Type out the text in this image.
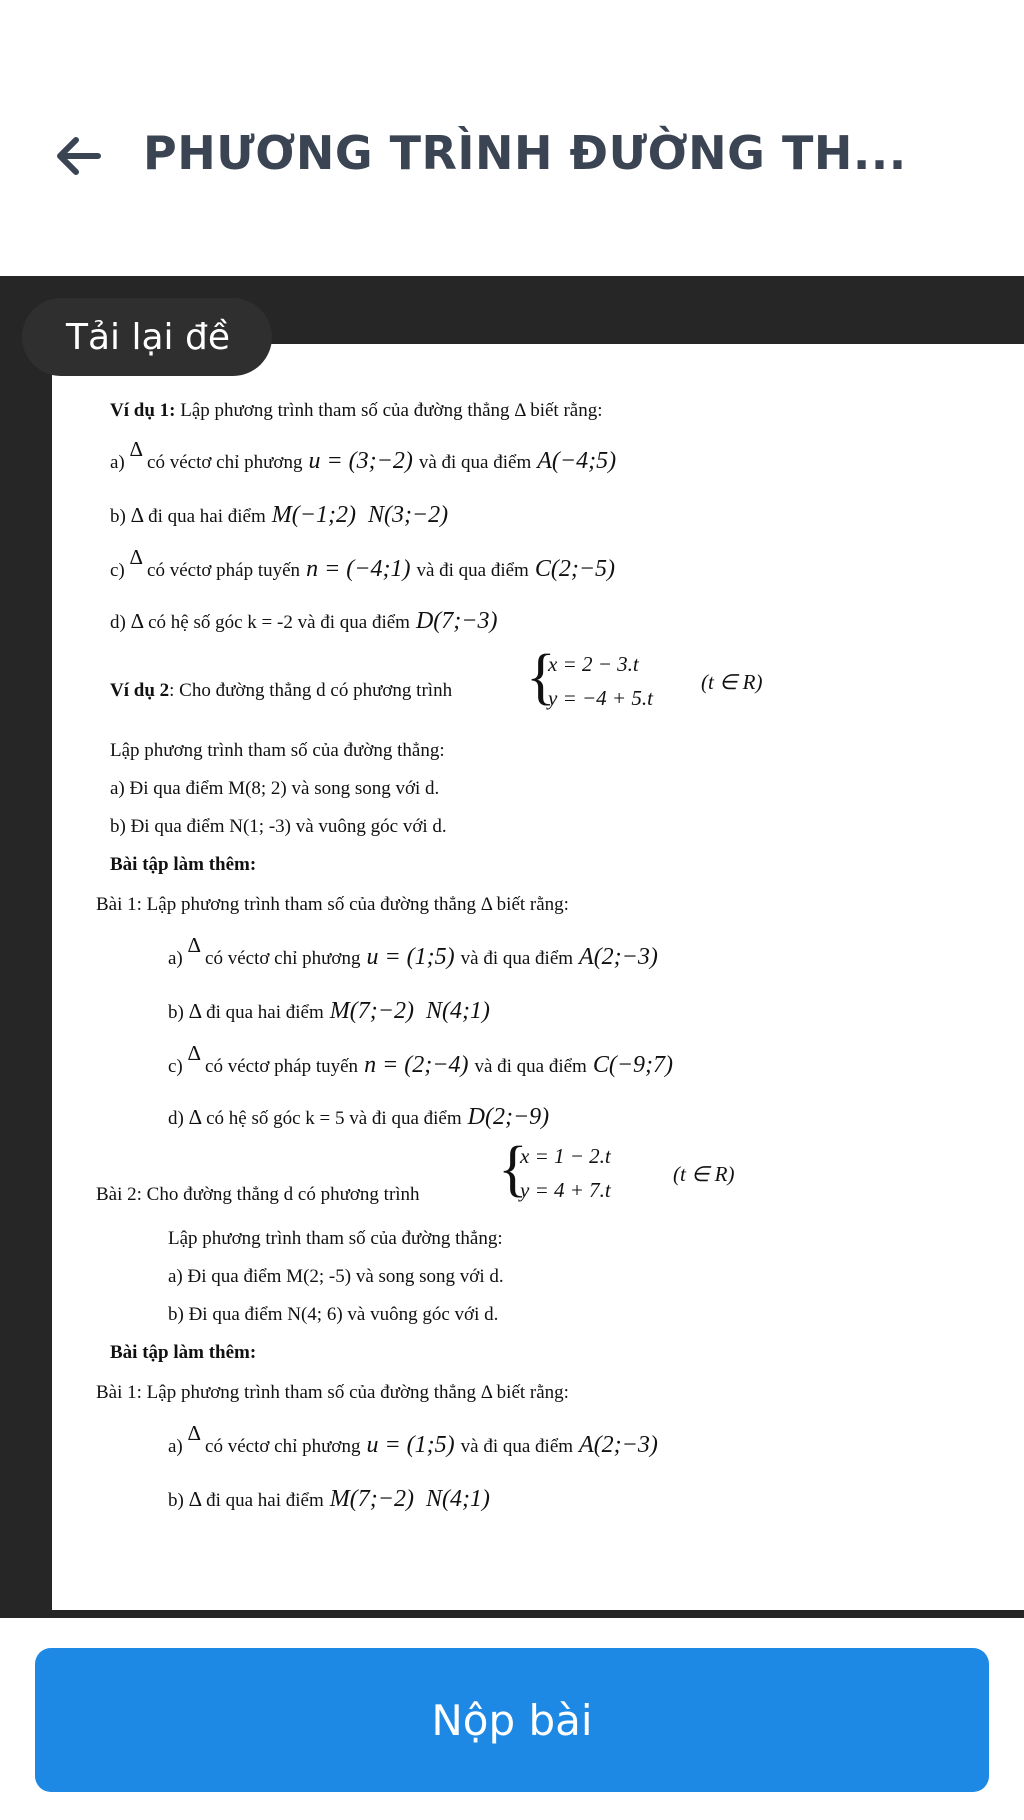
PHƯƠNG TRÌNH ĐƯỜNG TH...
Ví dụ 1:
Lập phương trình tham số của đường thẳng Δ biết rằng:
a)

Δ
có véctơ chỉ phương u = (3;−2) và đi qua điểm A(−4;5)
b)
Δ đi qua hai điểm M(−1;2) N(3;−2)
c)

Δ
có véctơ pháp tuyến n = (−4;1) và đi qua điểm C(2;−5)
d)
Δ có hệ số góc k = -2 và đi qua điểm D(7;−3)
Ví dụ 2 : Cho đường thẳng d có phương trình {
x = 2 − 3.t
y = −4 + 5.t
(t ∈ R)
Lập phương trình tham số của đường thẳng:
a) Đi qua điểm M(8; 2) và song song với d.
b) Đi qua điểm N(1; -3) và vuông góc với d.
Bài tập làm thêm:
Bài 1: Lập phương trình tham số của đường thẳng Δ biết rằng:
a)

Δ
có véctơ chỉ phương u = (1;5) và đi qua điểm A(2;−3)
b)
Δ đi qua hai điểm M(7;−2) N(4;1)
c)

Δ
có véctơ pháp tuyến n = (2;−4) và đi qua điểm C(−9;7)
d)
Δ có hệ số góc k = 5 và đi qua điểm D(2;−9)
Bài 2: Cho đường thẳng d có phương trình {
x = 1 − 2.t
y = 4 + 7.t
(t ∈ R)
Lập phương trình tham số của đường thẳng:
a) Đi qua điểm M(2; -5) và song song với d.
b) Đi qua điểm N(4; 6) và vuông góc với d.
Bài tập làm thêm:
Bài 1: Lập phương trình tham số của đường thẳng Δ biết rằng:
a)

Δ
có véctơ chỉ phương u = (1;5) và đi qua điểm A(2;−3)
b)
Δ đi qua hai điểm M(7;−2) N(4;1)
Tải lại đề
Nộp bài
